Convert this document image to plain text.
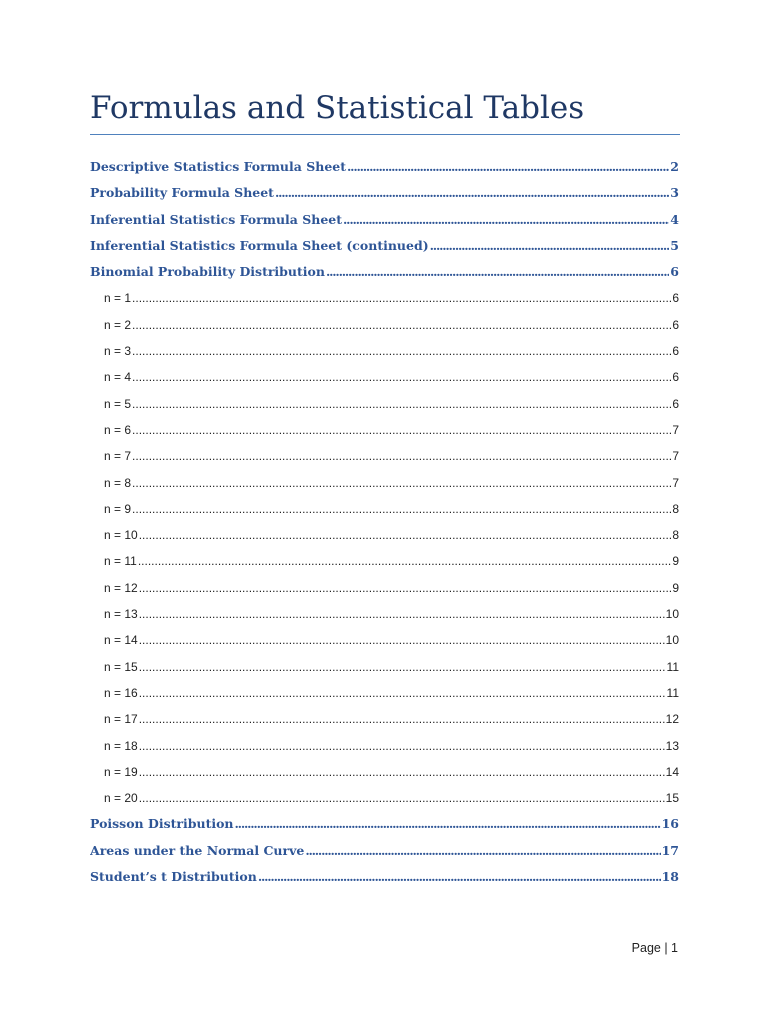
Formulas and Statistical Tables
Descriptive Statistics Formula Sheet .....	2
Probability Formula Sheet .....	3
Inferential Statistics Formula Sheet .....	4
Inferential Statistics Formula Sheet (continued) .....	5
Binomial Probability Distribution .....	6
n = 1 .....	6
n = 2 .....	6
n = 3 .....	6
n = 4 .....	6
n = 5 .....	6
n = 6 .....	7
n = 7 .....	7
n = 8 .....	7
n = 9 .....	8
n = 10 .....	8
n = 11 .....	9
n = 12 .....	9
n = 13 .....	10
n = 14 .....	10
n = 15 .....	11
n = 16 .....	11
n = 17 .....	12
n = 18 .....	13
n = 19 .....	14
n = 20 .....	15
Poisson Distribution .....	16
Areas under the Normal Curve .....	17
Student’s t Distribution .....	18
Page | 1
